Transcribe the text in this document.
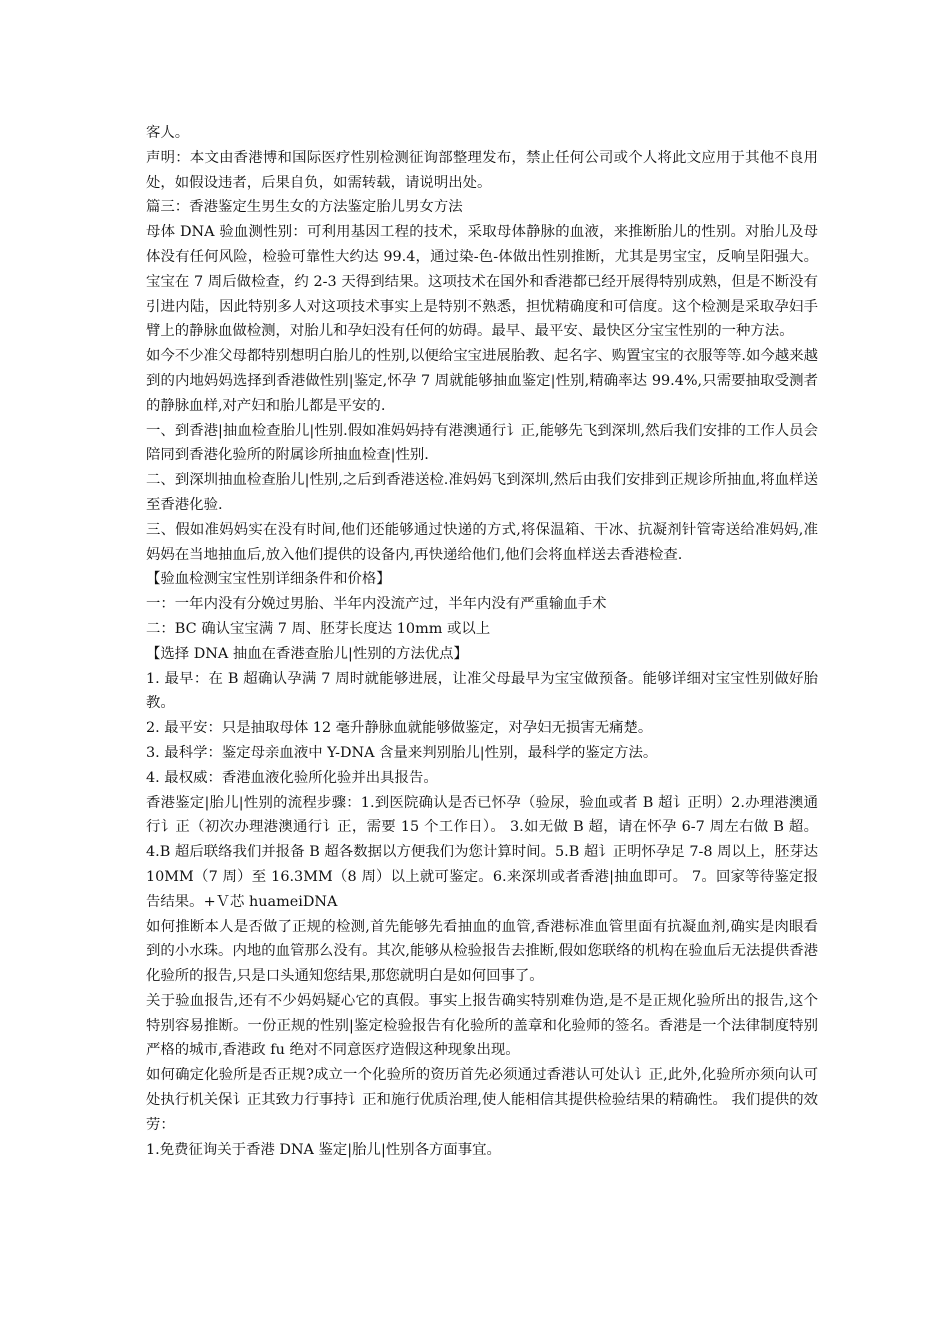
客人。

声明：本文由香港博和国际医疗性别检测征询部整理发布，禁止任何公司或个人将此文应用于其他不良用处，如假设违者，后果自负，如需转载，请说明出处。

篇三：香港鉴定生男生女的方法鉴定胎儿男女方法

母体 DNA 验血测性别：可利用基因工程的技术，采取母体静脉的血液，来推断胎儿的性别。对胎儿及母体没有任何风险，检验可靠性大约达 99.4，通过染-色-体做出性别推断，尤其是男宝宝，反响呈阳强大。宝宝在 7 周后做检查，约 2-3 天得到结果。这项技术在国外和香港都已经开展得特别成熟，但是不断没有引进内陆，因此特别多人对这项技术事实上是特别不熟悉，担忧精确度和可信度。这个检测是采取孕妇手臂上的静脉血做检测，对胎儿和孕妇没有任何的妨碍。最早、最平安、最快区分宝宝性别的一种方法。

如今不少准父母都特别想明白胎儿的性别,以便给宝宝进展胎教、起名字、购置宝宝的衣服等等.如今越来越到的内地妈妈选择到香港做性别|鉴定,怀孕 7 周就能够抽血鉴定|性别,精确率达 99.4%,只需要抽取受测者的静脉血样,对产妇和胎儿都是平安的.

一、到香港|抽血检查胎儿|性别.假如准妈妈持有港澳通行讠正,能够先飞到深圳,然后我们安排的工作人员会陪同到香港化验所的附属诊所抽血检查|性别.

二、到深圳抽血检查胎儿|性别,之后到香港送检.准妈妈飞到深圳,然后由我们安排到正规诊所抽血,将血样送至香港化验.

三、假如准妈妈实在没有时间,他们还能够通过快递的方式,将保温箱、干冰、抗凝剂针管寄送给准妈妈,准妈妈在当地抽血后,放入他们提供的设备内,再快递给他们,他们会将血样送去香港检查.

【验血检测宝宝性别详细条件和价格】

一：一年内没有分娩过男胎、半年内没流产过，半年内没有严重输血手术

二：BC 确认宝宝满 7 周、胚芽长度达 10mm 或以上

【选择 DNA 抽血在香港查胎儿|性别的方法优点】

1. 最早：在 B 超确认孕满 7 周时就能够进展，让准父母最早为宝宝做预备。能够详细对宝宝性别做好胎教。

2. 最平安：只是抽取母体 12 毫升静脉血就能够做鉴定，对孕妇无损害无痛楚。

3. 最科学：鉴定母亲血液中 Y-DNA 含量来判别胎儿|性别，最科学的鉴定方法。

4. 最权威：香港血液化验所化验并出具报告。

香港鉴定|胎儿|性别的流程步骤：1.到医院确认是否已怀孕（验尿，验血或者 B 超讠正明）2.办理港澳通行讠正（初次办理港澳通行讠正，需要 15 个工作日）。 3.如无做 B 超，请在怀孕 6-7 周左右做 B 超。 4.B 超后联络我们并报备 B 超各数据以方便我们为您计算时间。5.B 超讠正明怀孕足 7-8 周以上，胚芽达 10MM（7 周）至 16.3MM（8 周）以上就可鉴定。6.来深圳或者香港|抽血即可。 7。回家等待鉴定报告结果。+Ｖ芯 huameiDNA

如何推断本人是否做了正规的检测,首先能够先看抽血的血管,香港标准血管里面有抗凝血剂,确实是肉眼看到的小水珠。内地的血管那么没有。其次,能够从检验报告去推断,假如您联络的机构在验血后无法提供香港化验所的报告,只是口头通知您结果,那您就明白是如何回事了。

关于验血报告,还有不少妈妈疑心它的真假。事实上报告确实特别难伪造,是不是正规化验所出的报告,这个特别容易推断。一份正规的性别|鉴定检验报告有化验所的盖章和化验师的签名。香港是一个法律制度特别严格的城市,香港政 fu 绝对不同意医疗造假这种现象出现。

如何确定化验所是否正规?成立一个化验所的资历首先必须通过香港认可处认讠正,此外,化验所亦须向认可处执行机关保讠正其致力行事持讠正和施行优质治理,使人能相信其提供检验结果的精确性。 我们提供的效劳：

1.免费征询关于香港 DNA 鉴定|胎儿|性别各方面事宜。
